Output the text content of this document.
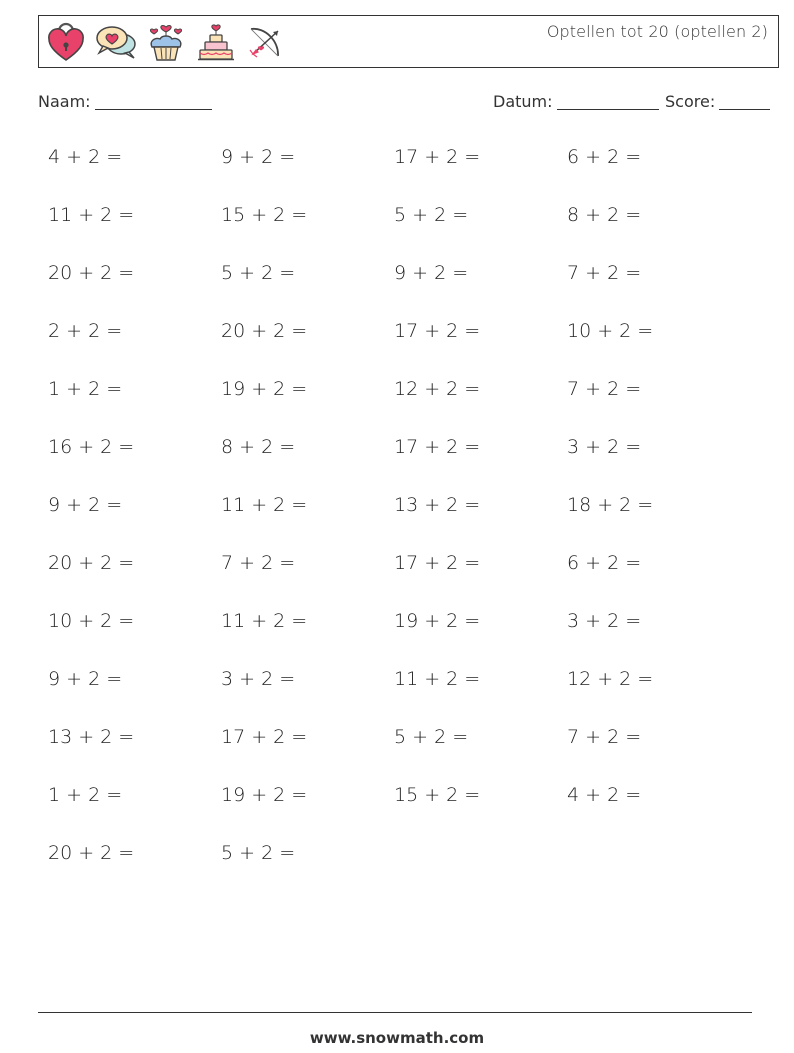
Optellen tot 20 (optellen 2)
Naam:	Datum:	Score:
4 + 2 =	9 + 2 =	17 + 2 =	6 + 2 =
11 + 2 =	15 + 2 =	5 + 2 =	8 + 2 =
20 + 2 =	5 + 2 =	9 + 2 =	7 + 2 =
2 + 2 =	20 + 2 =	17 + 2 =	10 + 2 =
1 + 2 =	19 + 2 =	12 + 2 =	7 + 2 =
16 + 2 =	8 + 2 =	17 + 2 =	3 + 2 =
9 + 2 =	11 + 2 =	13 + 2 =	18 + 2 =
20 + 2 =	7 + 2 =	17 + 2 =	6 + 2 =
10 + 2 =	11 + 2 =	19 + 2 =	3 + 2 =
9 + 2 =	3 + 2 =	11 + 2 =	12 + 2 =
13 + 2 =	17 + 2 =	5 + 2 =	7 + 2 =
1 + 2 =	19 + 2 =	15 + 2 =	4 + 2 =
20 + 2 =	5 + 2 =
www.snowmath.com
